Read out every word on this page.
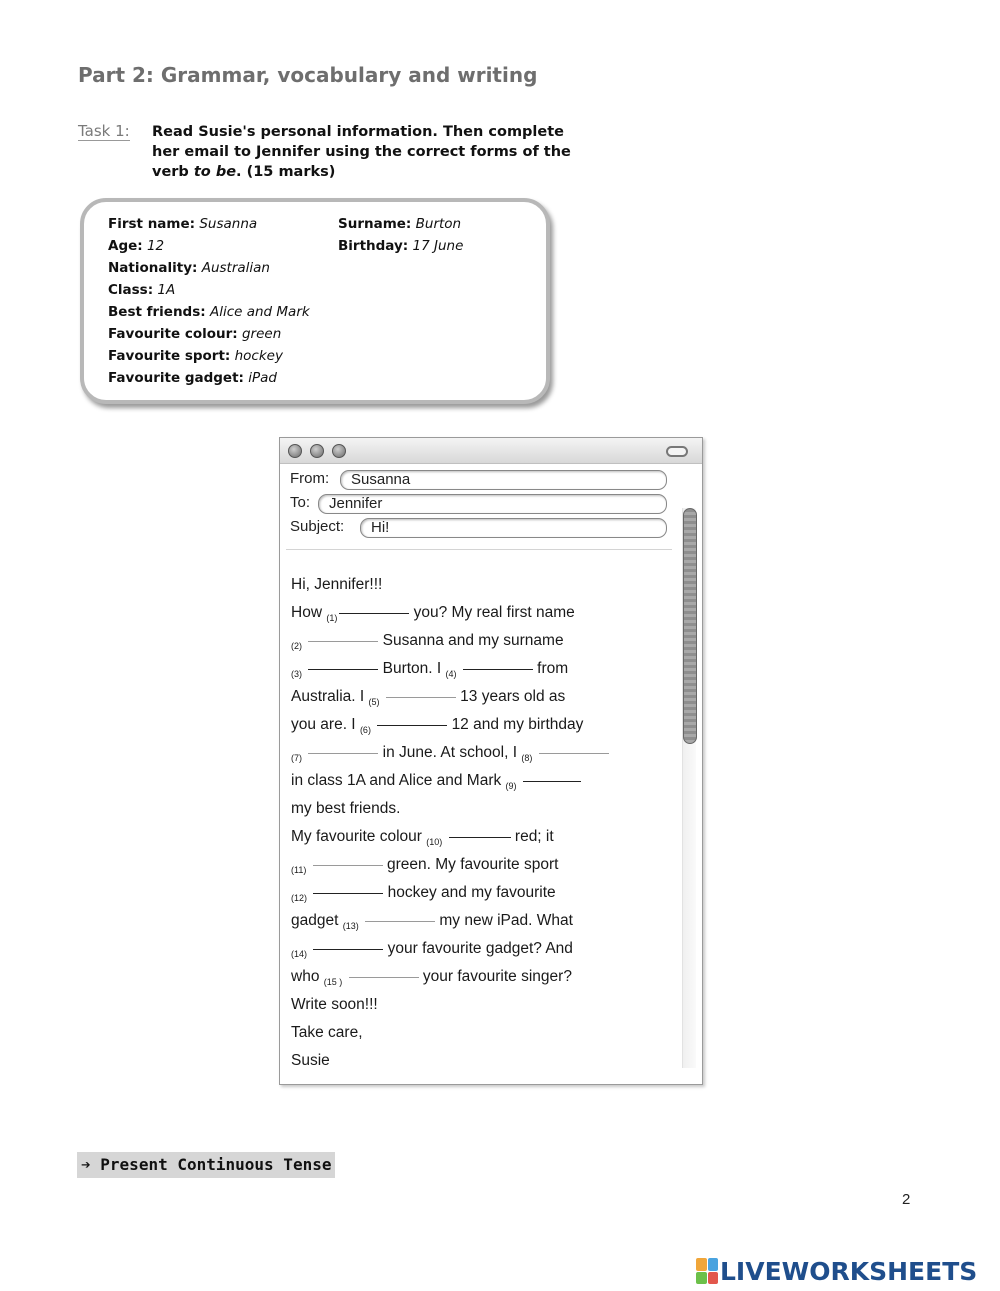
Part 2: Grammar, vocabulary and writing
Task 1: Read Susie's personal information. Then complete her email to Jennifer using the correct forms of the verb to be. (15 marks)
First name: Susanna	Surname: Burton
Age: 12	Birthday: 17 June
Nationality: Australian
Class: 1A
Best friends: Alice and Mark
Favourite colour: green
Favourite sport: hockey
Favourite gadget: iPad
From:	Susanna
To:	Jennifer
Subject:	Hi!
Hi, Jennifer!!!
How $_{(1)}$	you? My real first name
$_{(2)}$	Susanna and my surname
$_{(3)}$	Burton. I $_{(4)}$	from
Australia. I $_{(5)}$	13 years old as
you are. I $_{(6)}$	12 and my birthday
$_{(7)}$	in June. At school, I $_{(8)}$
in class 1A and Alice and Mark $_{(9)}$
my best friends.
My favourite colour $_{(10)}$	red; it
$_{(11)}$	green. My favourite sport
$_{(12)}$	hockey and my favourite
gadget $_{(13)}$	my new iPad. What
$_{(14)}$	your favourite gadget? And
who $_{(15 )}$	your favourite singer?
Write soon!!!
Take care,
Susie
➔ Present Continuous Tense
2
LIVEWORKSHEETS
